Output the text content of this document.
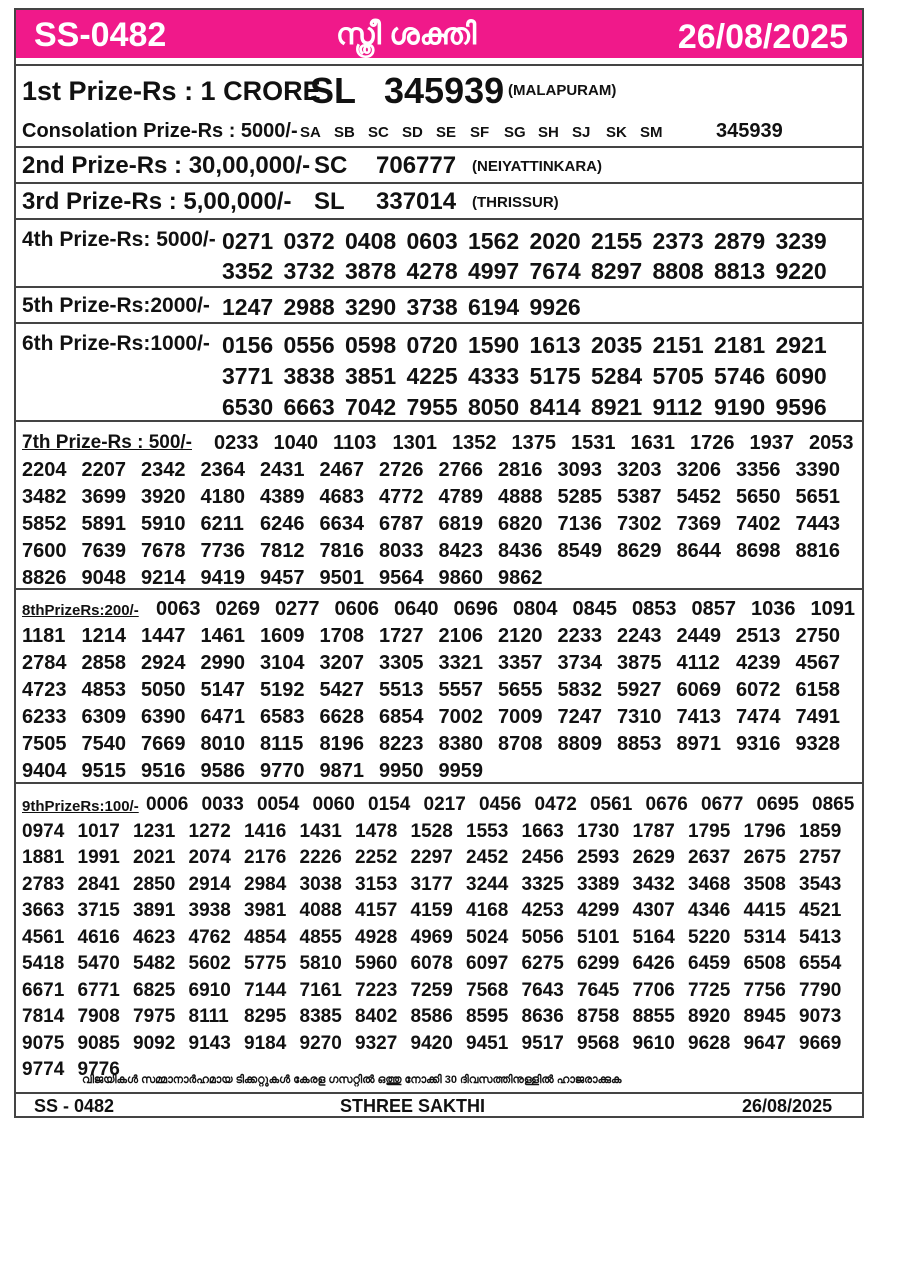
SS-0482	സ്ത്രീ ശക്തി	26/08/2025
1st Prize-Rs : 1 CRORE
SL 345939 (MALAPURAM)
Consolation Prize-Rs : 5000/- SA SB SC SD SE SF SG SH SJ SK SM	345939
2nd Prize-Rs : 30,00,000/- SC 706777 (NEIYATTINKARA)
3rd Prize-Rs : 5,00,000/- SL 337014 (THRISSUR)
4th Prize-Rs: 5000/- 0271 0372 0408 0603 1562 2020 2155 2373 2879 3239
3352 3732 3878 4278 4997 7674 8297 8808 8813 9220
5th Prize-Rs:2000/- 1247 2988 3290 3738 6194 9926
6th Prize-Rs:1000/- 0156 0556 0598 0720 1590 1613 2035 2151 2181 2921
3771 3838 3851 4225 4333 5175 5284 5705 5746 6090
6530 6663 7042 7955 8050 8414 8921 9112 9190 9596
7th Prize-Rs : 500/- 0233 1040 1103 1301 1352 1375 1531 1631 1726 1937 2053
2204 2207 2342 2364 2431 2467 2726 2766 2816 3093 3203 3206 3356 3390
3482 3699 3920 4180 4389 4683 4772 4789 4888 5285 5387 5452 5650 5651
5852 5891 5910 6211 6246 6634 6787 6819 6820 7136 7302 7369 7402 7443
7600 7639 7678 7736 7812 7816 8033 8423 8436 8549 8629 8644 8698 8816
8826 9048 9214 9419 9457 9501 9564 9860 9862
8thPrizeRs:200/- 0063 0269 0277 0606 0640 0696 0804 0845 0853 0857 1036 1091
1181 1214 1447 1461 1609 1708 1727 2106 2120 2233 2243 2449 2513 2750
2784 2858 2924 2990 3104 3207 3305 3321 3357 3734 3875 4112 4239 4567
4723 4853 5050 5147 5192 5427 5513 5557 5655 5832 5927 6069 6072 6158
6233 6309 6390 6471 6583 6628 6854 7002 7009 7247 7310 7413 7474 7491
7505 7540 7669 8010 8115 8196 8223 8380 8708 8809 8853 8971 9316 9328
9404 9515 9516 9586 9770 9871 9950 9959
9thPrizeRs:100/- 0006 0033 0054 0060 0154 0217 0456 0472 0561 0676 0677 0695 0865
0974 1017 1231 1272 1416 1431 1478 1528 1553 1663 1730 1787 1795 1796 1859
1881 1991 2021 2074 2176 2226 2252 2297 2452 2456 2593 2629 2637 2675 2757
2783 2841 2850 2914 2984 3038 3153 3177 3244 3325 3389 3432 3468 3508 3543
3663 3715 3891 3938 3981 4088 4157 4159 4168 4253 4299 4307 4346 4415 4521
4561 4616 4623 4762 4854 4855 4928 4969 5024 5056 5101 5164 5220 5314 5413
5418 5470 5482 5602 5775 5810 5960 6078 6097 6275 6299 6426 6459 6508 6554
6671 6771 6825 6910 7144 7161 7223 7259 7568 7643 7645 7706 7725 7756 7790
7814 7908 7975 8111 8295 8385 8402 8586 8595 8636 8758 8855 8920 8945 9073
9075 9085 9092 9143 9184 9270 9327 9420 9451 9517 9568 9610 9628 9647 9669
9774 9776
വിജയികൾ സമ്മാനാർഹമായ ടിക്കറ്റുകൾ കേരള ഗസറ്റിൽ ഒത്തു നോക്കി 30 ദിവസത്തിനുള്ളിൽ ഹാജരാക്കുക
SS - 0482	STHREE SAKTHI	26/08/2025
